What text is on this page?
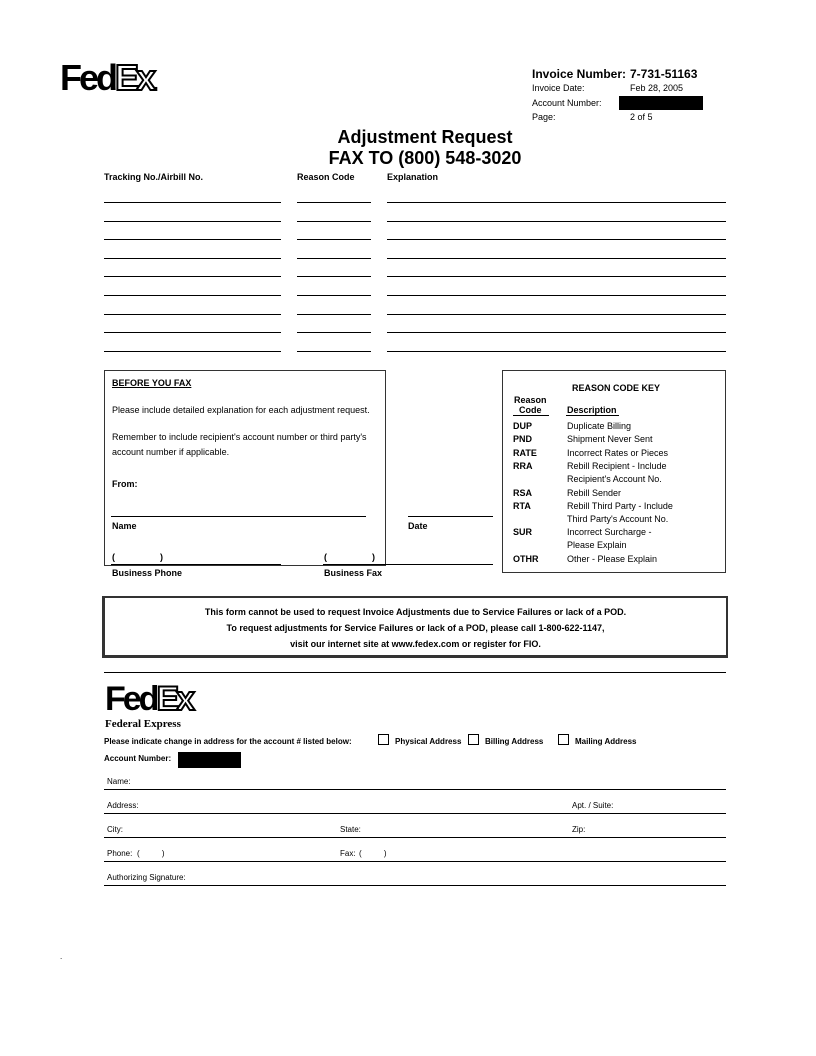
FedEx.	Invoice Number: 7-731-51163
Invoice Date:	Feb 28, 2005
Account Number:
Page:	2 of 5
Adjustment Request
FAX TO (800) 548-3020
Tracking No./Airbill No.	Reason Code	Explanation
BEFORE YOU FAX
Please include detailed explanation for each adjustment request.
Remember to include recipient's account number or third party's
account number if applicable.
From:
Name	Date
(	)
Business Phone
(	)
Business Fax
REASON CODE KEY
Reason
Code	Description
DUP	Duplicate Billing
PND	Shipment Never Sent
RATE	Incorrect Rates or Pieces
RRA	Rebill Recipient - Include
Recipient's Account No.
RSA	Rebill Sender
RTA	Rebill Third Party - Include
Third Party's Account No.
SUR	Incorrect Surcharge -
Please Explain
OTHR	Other - Please Explain
This form cannot be used to request Invoice Adjustments due to Service Failures or lack of a POD.
To request adjustments for Service Failures or lack of a POD, please call 1-800-622-1147,
visit our internet site at www.fedex.com or register for FIO.
FedEx
Federal Express
Please indicate change in address for the account # listed below:	Physical Address	Billing Address	Mailing Address
Account Number:
Name:
Address:	Apt. / Suite:
City:	State:	Zip:
Phone: (          )	Fax: (          )
Authorizing Signature:
.
